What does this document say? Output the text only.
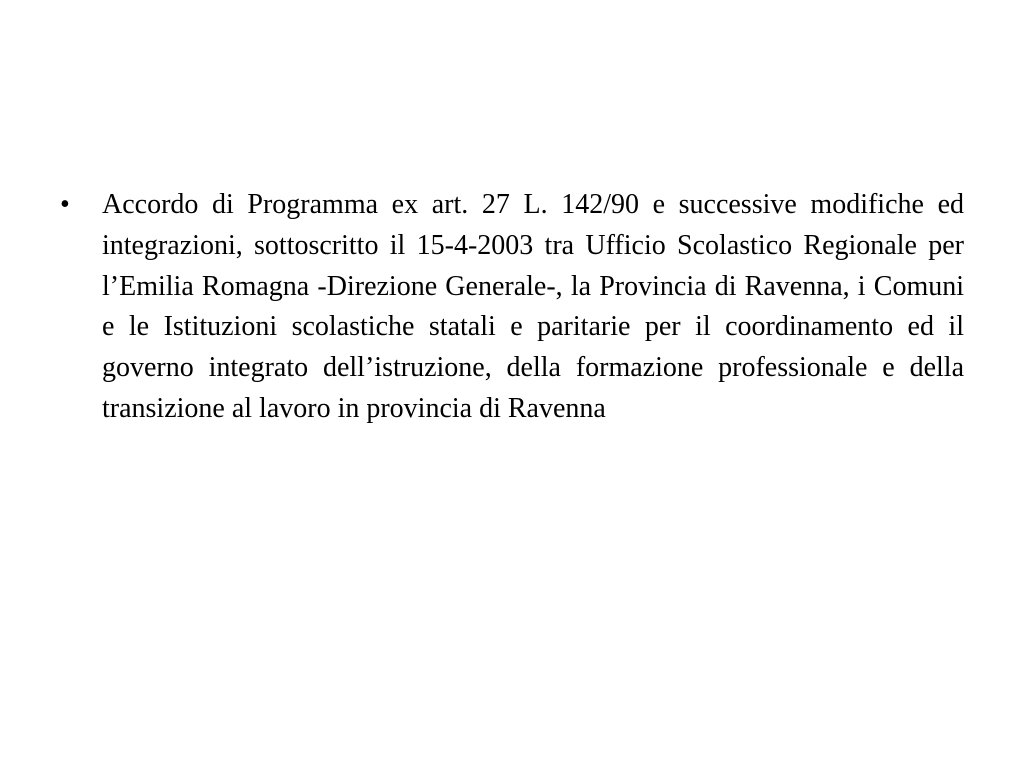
•	Accordo di Programma ex art. 27 L. 142/90 e successive modifiche ed integrazioni, sottoscritto il 15-4-2003 tra Ufficio Scolastico Regionale per l’Emilia Romagna -Direzione Generale-, la Provincia di Ravenna, i Comuni e le Istituzioni scolastiche statali e paritarie per il coordinamento ed il governo integrato dell’istruzione, della formazione professionale e della transizione al lavoro in provincia di Ravenna
